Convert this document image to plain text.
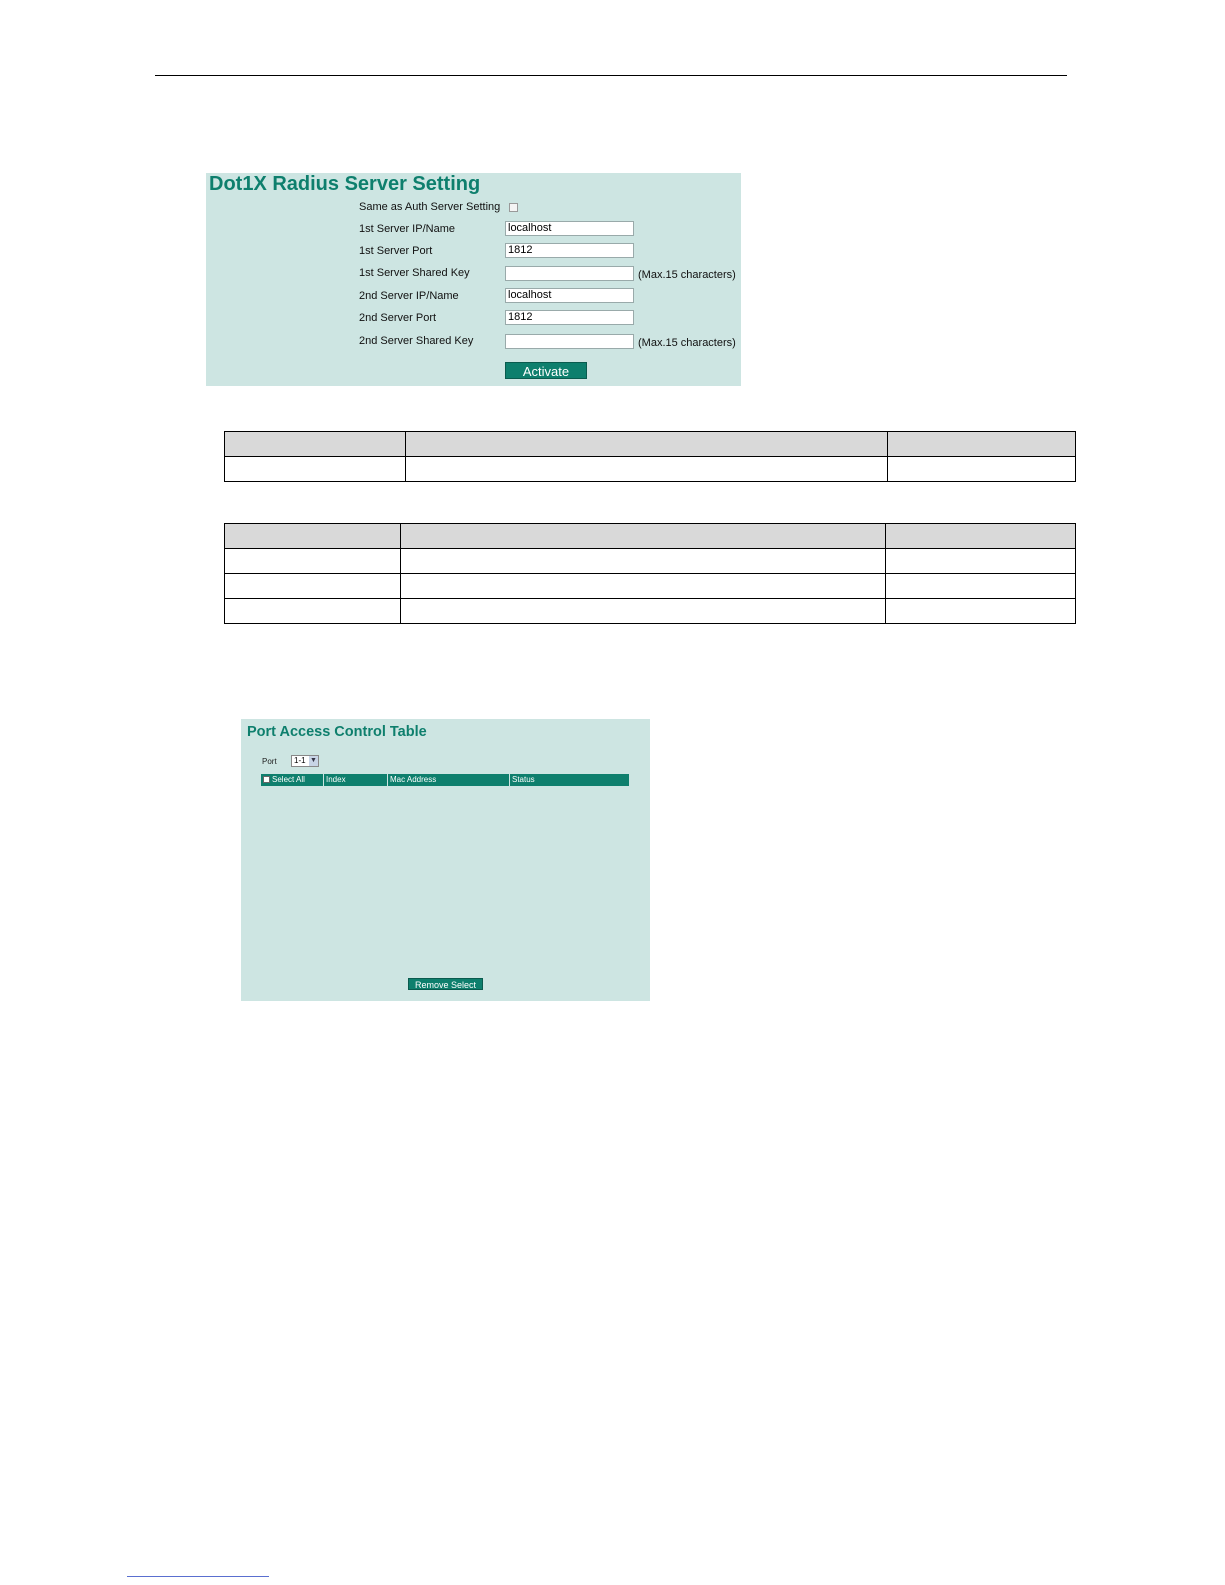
Dot1X Radius Server Setting
Same as Auth Server Setting
1st Server IP/Name	localhost
1st Server Port	1812
1st Server Shared Key	(Max.15 characters)
2nd Server IP/Name	localhost
2nd Server Port	1812
2nd Server Shared Key	(Max.15 characters)
Activate

Port Access Control Table
Port	1-1 ▼
Select All	Index	Mac Address	Status
Remove Select
